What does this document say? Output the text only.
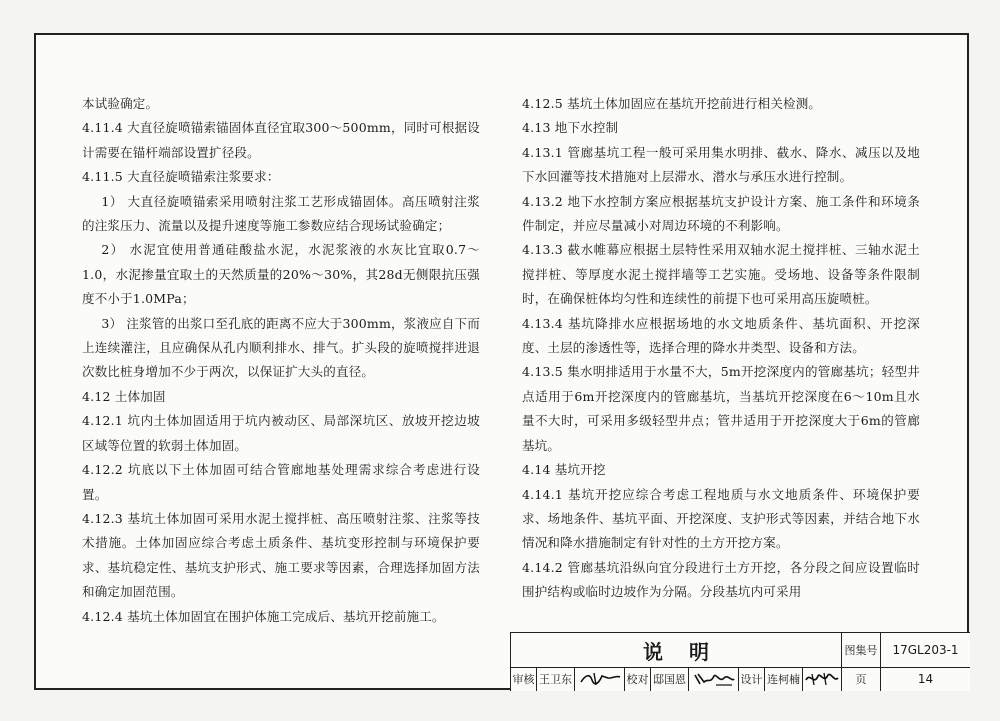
本试验确定。

4.11.4 大直径旋喷锚索锚固体直径宜取300～500mm，同时可根据设计需要在锚杆端部设置扩径段。

4.11.5 大直径旋喷锚索注浆要求：

1） 大直径旋喷锚索采用喷射注浆工艺形成锚固体。高压喷射注浆的注浆压力、流量以及提升速度等施工参数应结合现场试验确定；

2） 水泥宜使用普通硅酸盐水泥，水泥浆液的水灰比宜取0.7～1.0，水泥掺量宜取土的天然质量的20%～30%，其28d无侧限抗压强度不小于1.0MPa；

3） 注浆管的出浆口至孔底的距离不应大于300mm，浆液应自下而上连续灌注，且应确保从孔内顺利排水、排气。扩头段的旋喷搅拌进退次数比桩身增加不少于两次，以保证扩大头的直径。

4.12 土体加固

4.12.1 坑内土体加固适用于坑内被动区、局部深坑区、放坡开挖边坡区域等位置的软弱土体加固。

4.12.2 坑底以下土体加固可结合管廊地基处理需求综合考虑进行设置。

4.12.3 基坑土体加固可采用水泥土搅拌桩、高压喷射注浆、注浆等技术措施。土体加固应综合考虑土质条件、基坑变形控制与环境保护要求、基坑稳定性、基坑支护形式、施工要求等因素，合理选择加固方法和确定加固范围。

4.12.4 基坑土体加固宜在围护体施工完成后、基坑开挖前施工。

4.12.5 基坑土体加固应在基坑开挖前进行相关检测。

4.13 地下水控制

4.13.1 管廊基坑工程一般可采用集水明排、截水、降水、减压以及地下水回灌等技术措施对上层滞水、潜水与承压水进行控制。

4.13.2 地下水控制方案应根据基坑支护设计方案、施工条件和环境条件制定，并应尽量减小对周边环境的不利影响。

4.13.3 截水帷幕应根据土层特性采用双轴水泥土搅拌桩、三轴水泥土搅拌桩、等厚度水泥土搅拌墙等工艺实施。受场地、设备等条件限制时，在确保桩体均匀性和连续性的前提下也可采用高压旋喷桩。

4.13.4 基坑降排水应根据场地的水文地质条件、基坑面积、开挖深度、土层的渗透性等，选择合理的降水井类型、设备和方法。

4.13.5 集水明排适用于水量不大，5m开挖深度内的管廊基坑；轻型井点适用于6m开挖深度内的管廊基坑，当基坑开挖深度在6～10m且水量不大时，可采用多级轻型井点；管井适用于开挖深度大于6m的管廊基坑。

4.14 基坑开挖

4.14.1 基坑开挖应综合考虑工程地质与水文地质条件、环境保护要求、场地条件、基坑平面、开挖深度、支护形式等因素，并结合地下水情况和降水措施制定有针对性的土方开挖方案。

4.14.2 管廊基坑沿纵向宜分段进行土方开挖，各分段之间应设置临时围护结构或临时边坡作为分隔。分段基坑内可采用

说明	图集号	17GL203-1
审核 王卫东	校对 邸国恩	设计 连柯楠	页	14
